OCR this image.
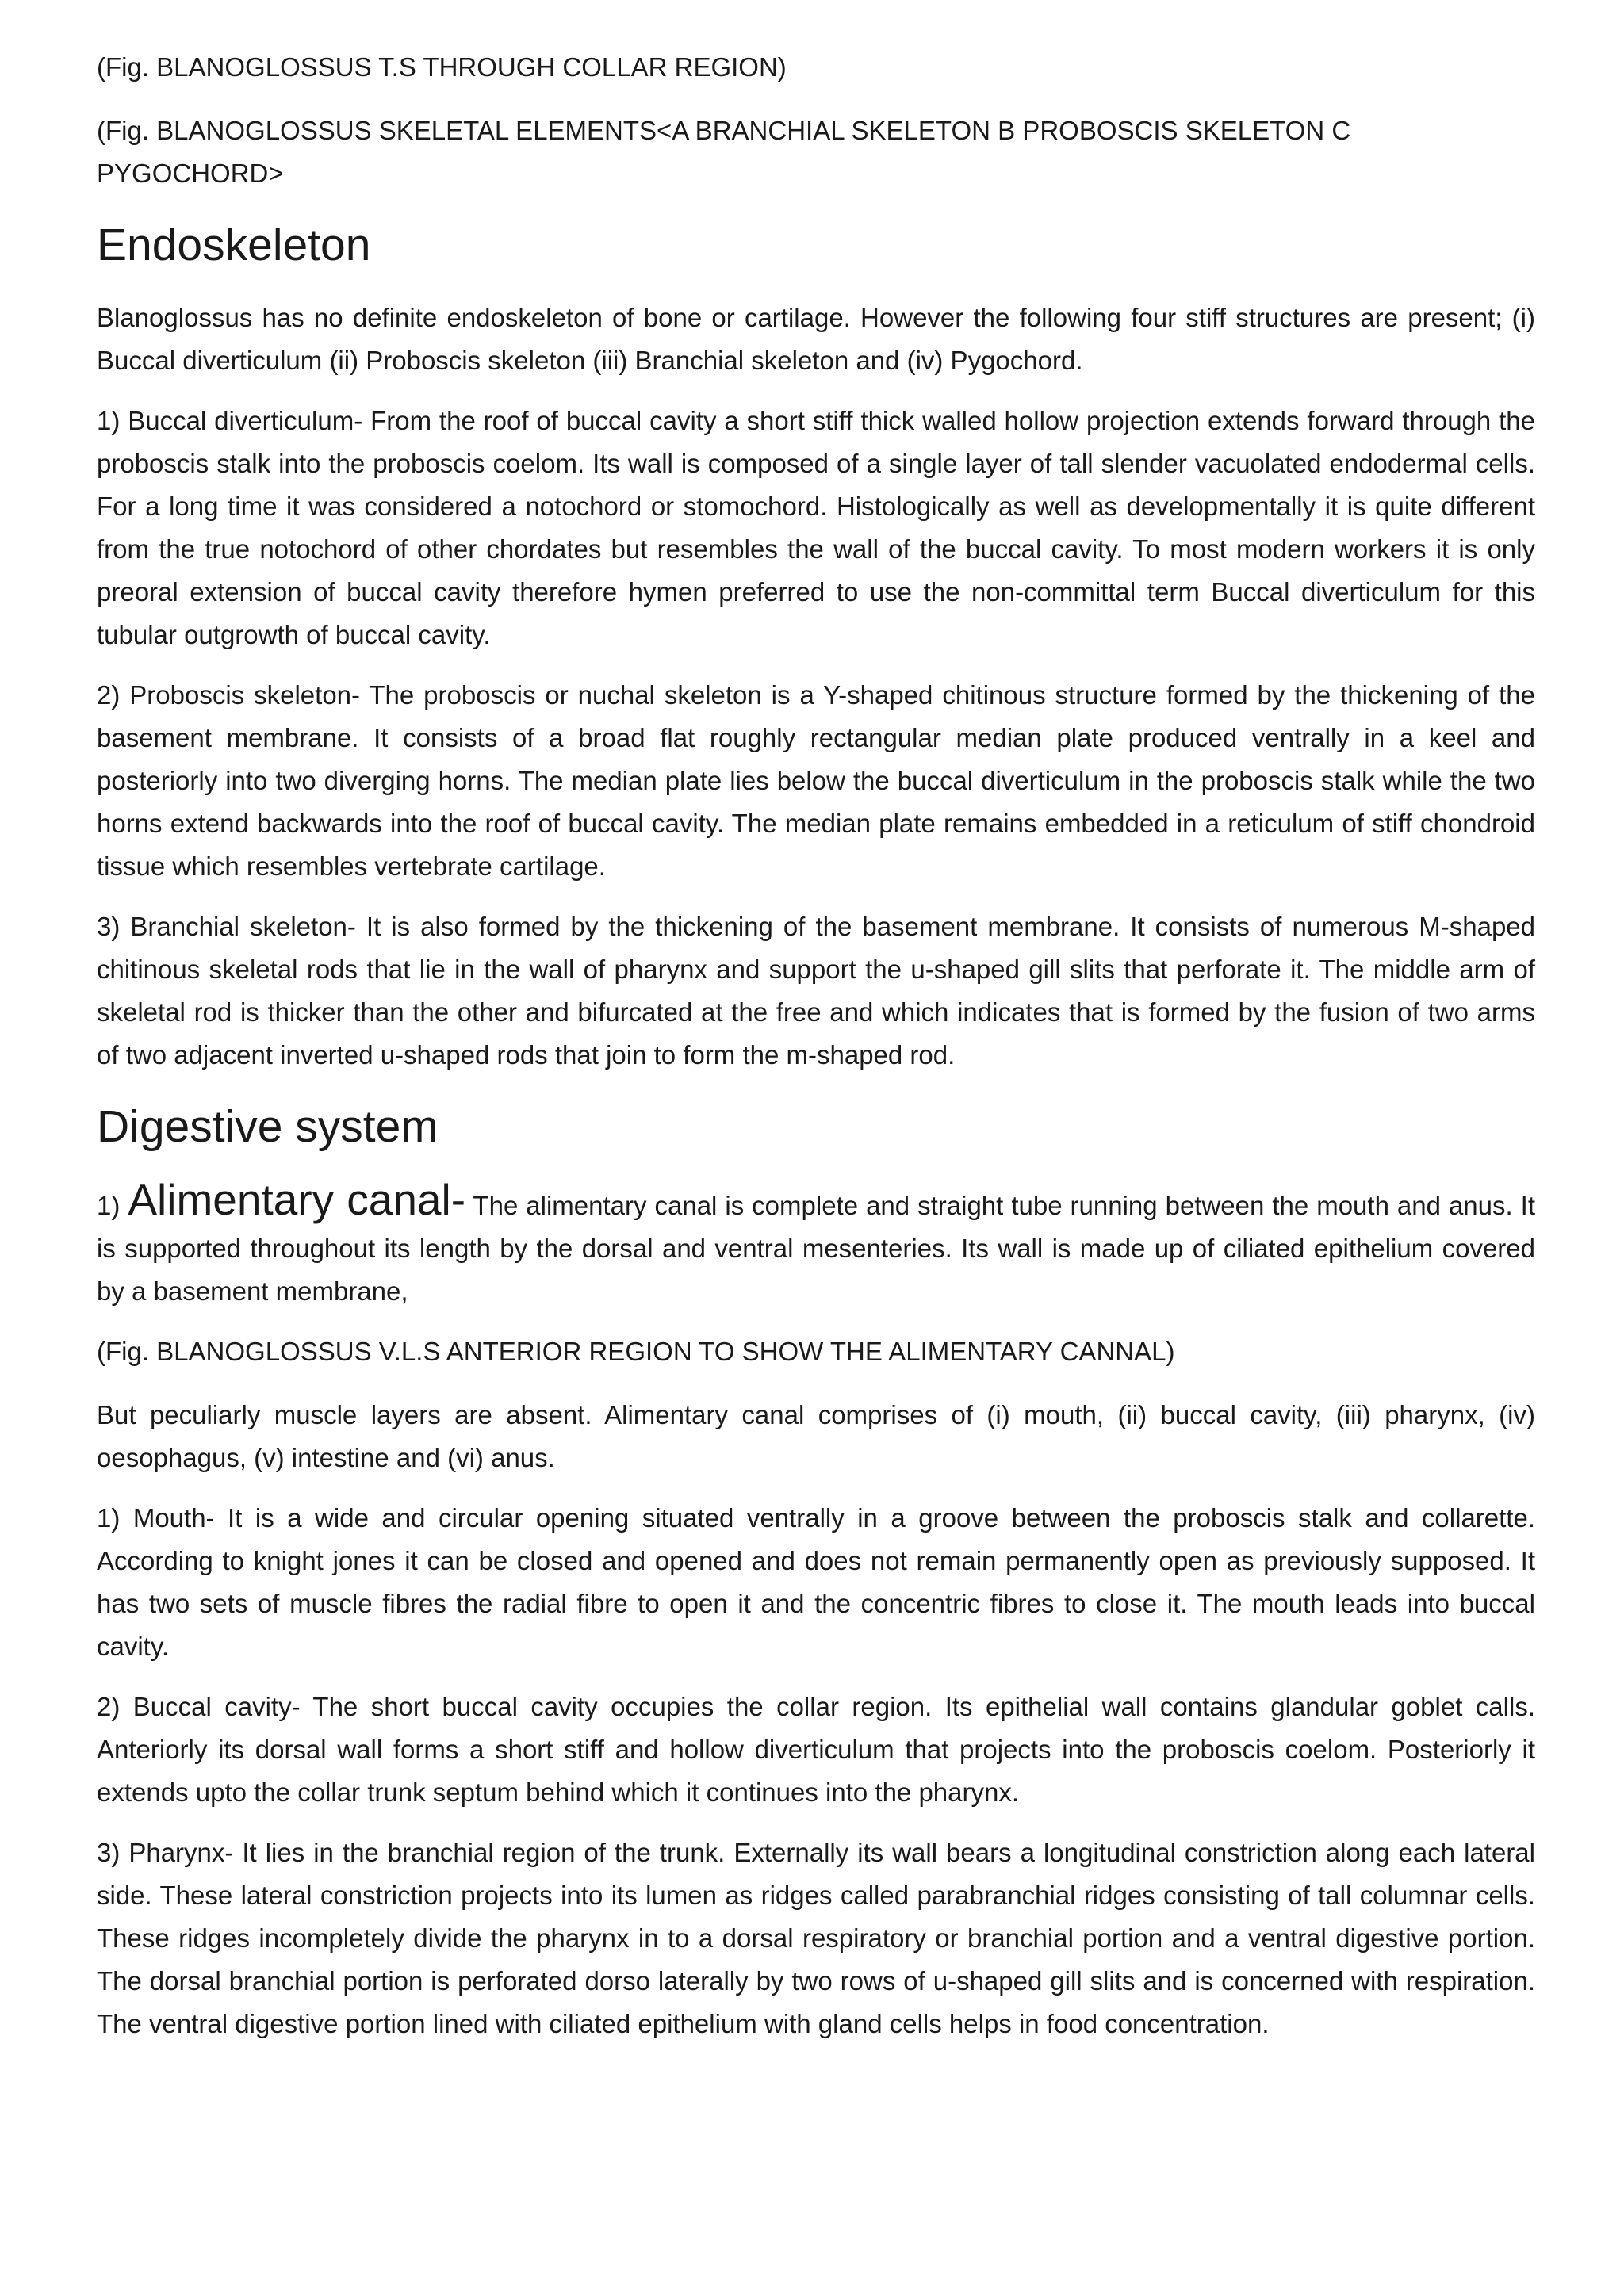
(Fig. BLANOGLOSSUS T.S THROUGH COLLAR REGION)

(Fig. BLANOGLOSSUS SKELETAL ELEMENTS<A BRANCHIAL SKELETON B PROBOSCIS SKELETON C PYGOCHORD>

Endoskeleton

Blanoglossus has no definite endoskeleton of bone or cartilage. However the following four stiff structures are present; (i) Buccal diverticulum (ii) Proboscis skeleton (iii) Branchial skeleton and (iv) Pygochord.

1) Buccal diverticulum- From the roof of buccal cavity a short stiff thick walled hollow projection extends forward through the proboscis stalk into the proboscis coelom. Its wall is composed of a single layer of tall slender vacuolated endodermal cells. For a long time it was considered a notochord or stomochord. Histologically as well as developmentally it is quite different from the true notochord of other chordates but resembles the wall of the buccal cavity. To most modern workers it is only preoral extension of buccal cavity therefore hymen preferred to use the non-committal term Buccal diverticulum for this tubular outgrowth of buccal cavity.

2) Proboscis skeleton- The proboscis or nuchal skeleton is a Y-shaped chitinous structure formed by the thickening of the basement membrane. It consists of a broad flat roughly rectangular median plate produced ventrally in a keel and posteriorly into two diverging horns. The median plate lies below the buccal diverticulum in the proboscis stalk while the two horns extend backwards into the roof of buccal cavity. The median plate remains embedded in a reticulum of stiff chondroid tissue which resembles vertebrate cartilage.

3) Branchial skeleton- It is also formed by the thickening of the basement membrane. It consists of numerous M-shaped chitinous skeletal rods that lie in the wall of pharynx and support the u-shaped gill slits that perforate it. The middle arm of skeletal rod is thicker than the other and bifurcated at the free and which indicates that is formed by the fusion of two arms of two adjacent inverted u-shaped rods that join to form the m-shaped rod.

Digestive system

1) Alimentary canal- The alimentary canal is complete and straight tube running between the mouth and anus. It is supported throughout its length by the dorsal and ventral mesenteries. Its wall is made up of ciliated epithelium covered by a basement membrane,

(Fig. BLANOGLOSSUS V.L.S ANTERIOR REGION TO SHOW THE ALIMENTARY CANNAL)

But peculiarly muscle layers are absent. Alimentary canal comprises of (i) mouth, (ii) buccal cavity, (iii) pharynx, (iv) oesophagus, (v) intestine and (vi) anus.

1) Mouth- It is a wide and circular opening situated ventrally in a groove between the proboscis stalk and collarette. According to knight jones it can be closed and opened and does not remain permanently open as previously supposed. It has two sets of muscle fibres the radial fibre to open it and the concentric fibres to close it. The mouth leads into buccal cavity.

2) Buccal cavity- The short buccal cavity occupies the collar region. Its epithelial wall contains glandular goblet calls. Anteriorly its dorsal wall forms a short stiff and hollow diverticulum that projects into the proboscis coelom. Posteriorly it extends upto the collar trunk septum behind which it continues into the pharynx.

3) Pharynx- It lies in the branchial region of the trunk. Externally its wall bears a longitudinal constriction along each lateral side. These lateral constriction projects into its lumen as ridges called parabranchial ridges consisting of tall columnar cells. These ridges incompletely divide the pharynx in to a dorsal respiratory or branchial portion and a ventral digestive portion. The dorsal branchial portion is perforated dorso laterally by two rows of u-shaped gill slits and is concerned with respiration. The ventral digestive portion lined with ciliated epithelium with gland cells helps in food concentration.
